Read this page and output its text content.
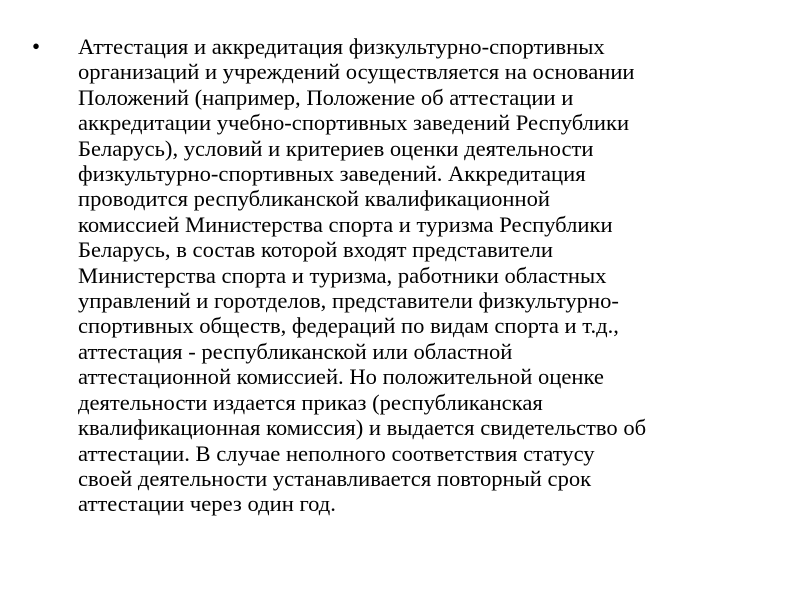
•	Аттестация и аккредитация физкультурно-спортивных
организаций и учреждений осуществляется на основании
Положений (например, Положение об аттестации и
аккредитации учебно-спортивных заведений Республики
Беларусь), условий и критериев оценки деятельности
физкультурно-спортивных заведений. Аккредитация
проводится республиканской квалификационной
комиссией Министерства спорта и туризма Республики
Беларусь, в состав которой входят представители
Министерства спорта и туризма, работники областных
управлений и горотделов, представители физкультурно-
спортивных обществ, федераций по видам спорта и т.д.,
аттестация - республиканской или областной
аттестационной комиссией. Но положительной оценке
деятельности издается приказ (республиканская
квалификационная комиссия) и выдается свидетельство об
аттестации. В случае неполного соответствия статусу
своей деятельности устанавливается повторный срок
аттестации через один год.
